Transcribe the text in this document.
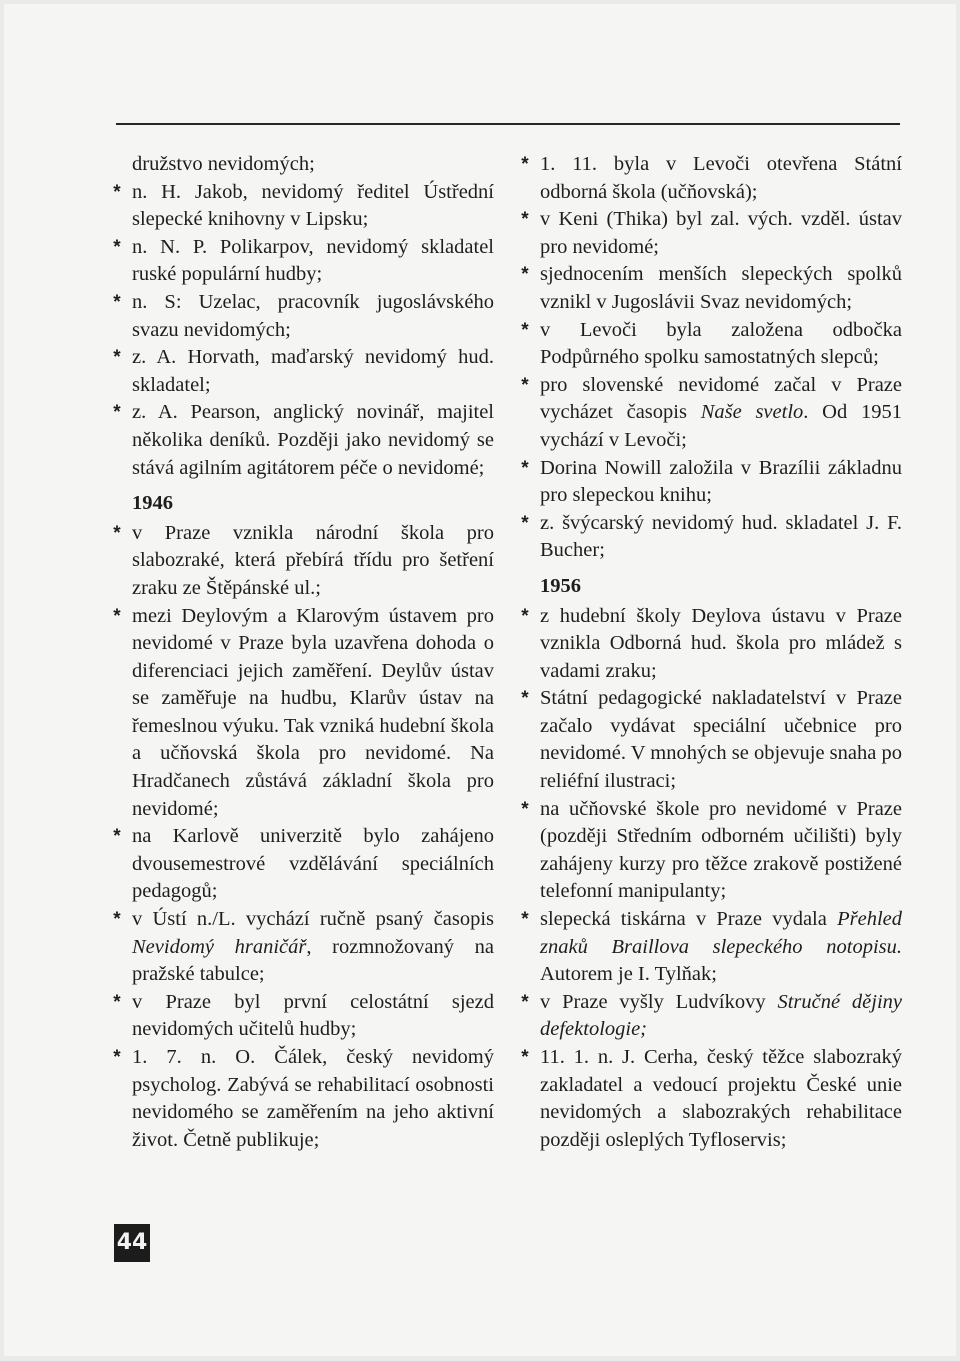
družstvo nevidomých;
* n. H. Jakob, nevidomý ředitel Ústřední slepecké knihovny v Lipsku;
* n. N. P. Polikarpov, nevidomý skladatel ruské populární hudby;
* n. S: Uzelac, pracovník jugoslávského svazu nevidomých;
* z. A. Horvath, maďarský nevidomý hud. skladatel;
* z. A. Pearson, anglický novinář, majitel několika deníků. Později jako nevidomý se stává agilním agitátorem péče o nevidomé;
1946
* v Praze vznikla národní škola pro slabozraké, která přebírá třídu pro šetření zraku ze Štěpánské ul.;
* mezi Deylovým a Klarovým ústavem pro nevidomé v Praze byla uzavřena dohoda o diferenciaci jejich zaměření. Deylův ústav se zaměřuje na hudbu, Klarův ústav na řemeslnou výuku. Tak vzniká hudební škola a učňovská škola pro nevidomé. Na Hradčanech zůstává základní škola pro nevidomé;
* na Karlově univerzitě bylo zahájeno dvousemestrové vzdělávání speciálních pedagogů;
* v Ústí n./L. vychází ručně psaný časopis Nevidomý hraničář, rozmnožovaný na pražské tabulce;
* v Praze byl první celostátní sjezd nevidomých učitelů hudby;
* 1. 7. n. O. Čálek, český nevidomý psycholog. Zabývá se rehabilitací osobnosti nevidomého se zaměřením na jeho aktivní život. Četně publikuje;
* 1. 11. byla v Levoči otevřena Státní odborná škola (učňovská);
* v Keni (Thika) byl zal. vých. vzděl. ústav pro nevidomé;
* sjednocením menších slepeckých spolků vznikl v Jugoslávii Svaz nevidomých;
* v Levoči byla založena odbočka Podpůrného spolku samostatných slepců;
* pro slovenské nevidomé začal v Praze vycházet časopis Naše svetlo. Od 1951 vychází v Levoči;
* Dorina Nowill založila v Brazílii základnu pro slepeckou knihu;
* z. švýcarský nevidomý hud. skladatel J. F. Bucher;
1956
* z hudební školy Deylova ústavu v Praze vznikla Odborná hud. škola pro mládež s vadami zraku;
* Státní pedagogické nakladatelství v Praze začalo vydávat speciální učebnice pro nevidomé. V mnohých se objevuje snaha po reliéfní ilustraci;
* na učňovské škole pro nevidomé v Praze (později Středním odborném učilišti) byly zahájeny kurzy pro těžce zrakově postižené telefonní manipulanty;
* slepecká tiskárna v Praze vydala Přehled znaků Braillova slepeckého notopisu. Autorem je I. Tylňak;
* v Praze vyšly Ludvíkovy Stručné dějiny defektologie;
* 11. 1. n. J. Cerha, český těžce slabozraký zakladatel a vedoucí projektu České unie nevidomých a slabozrakých rehabilitace později osleplých Tyfloservis;
44
